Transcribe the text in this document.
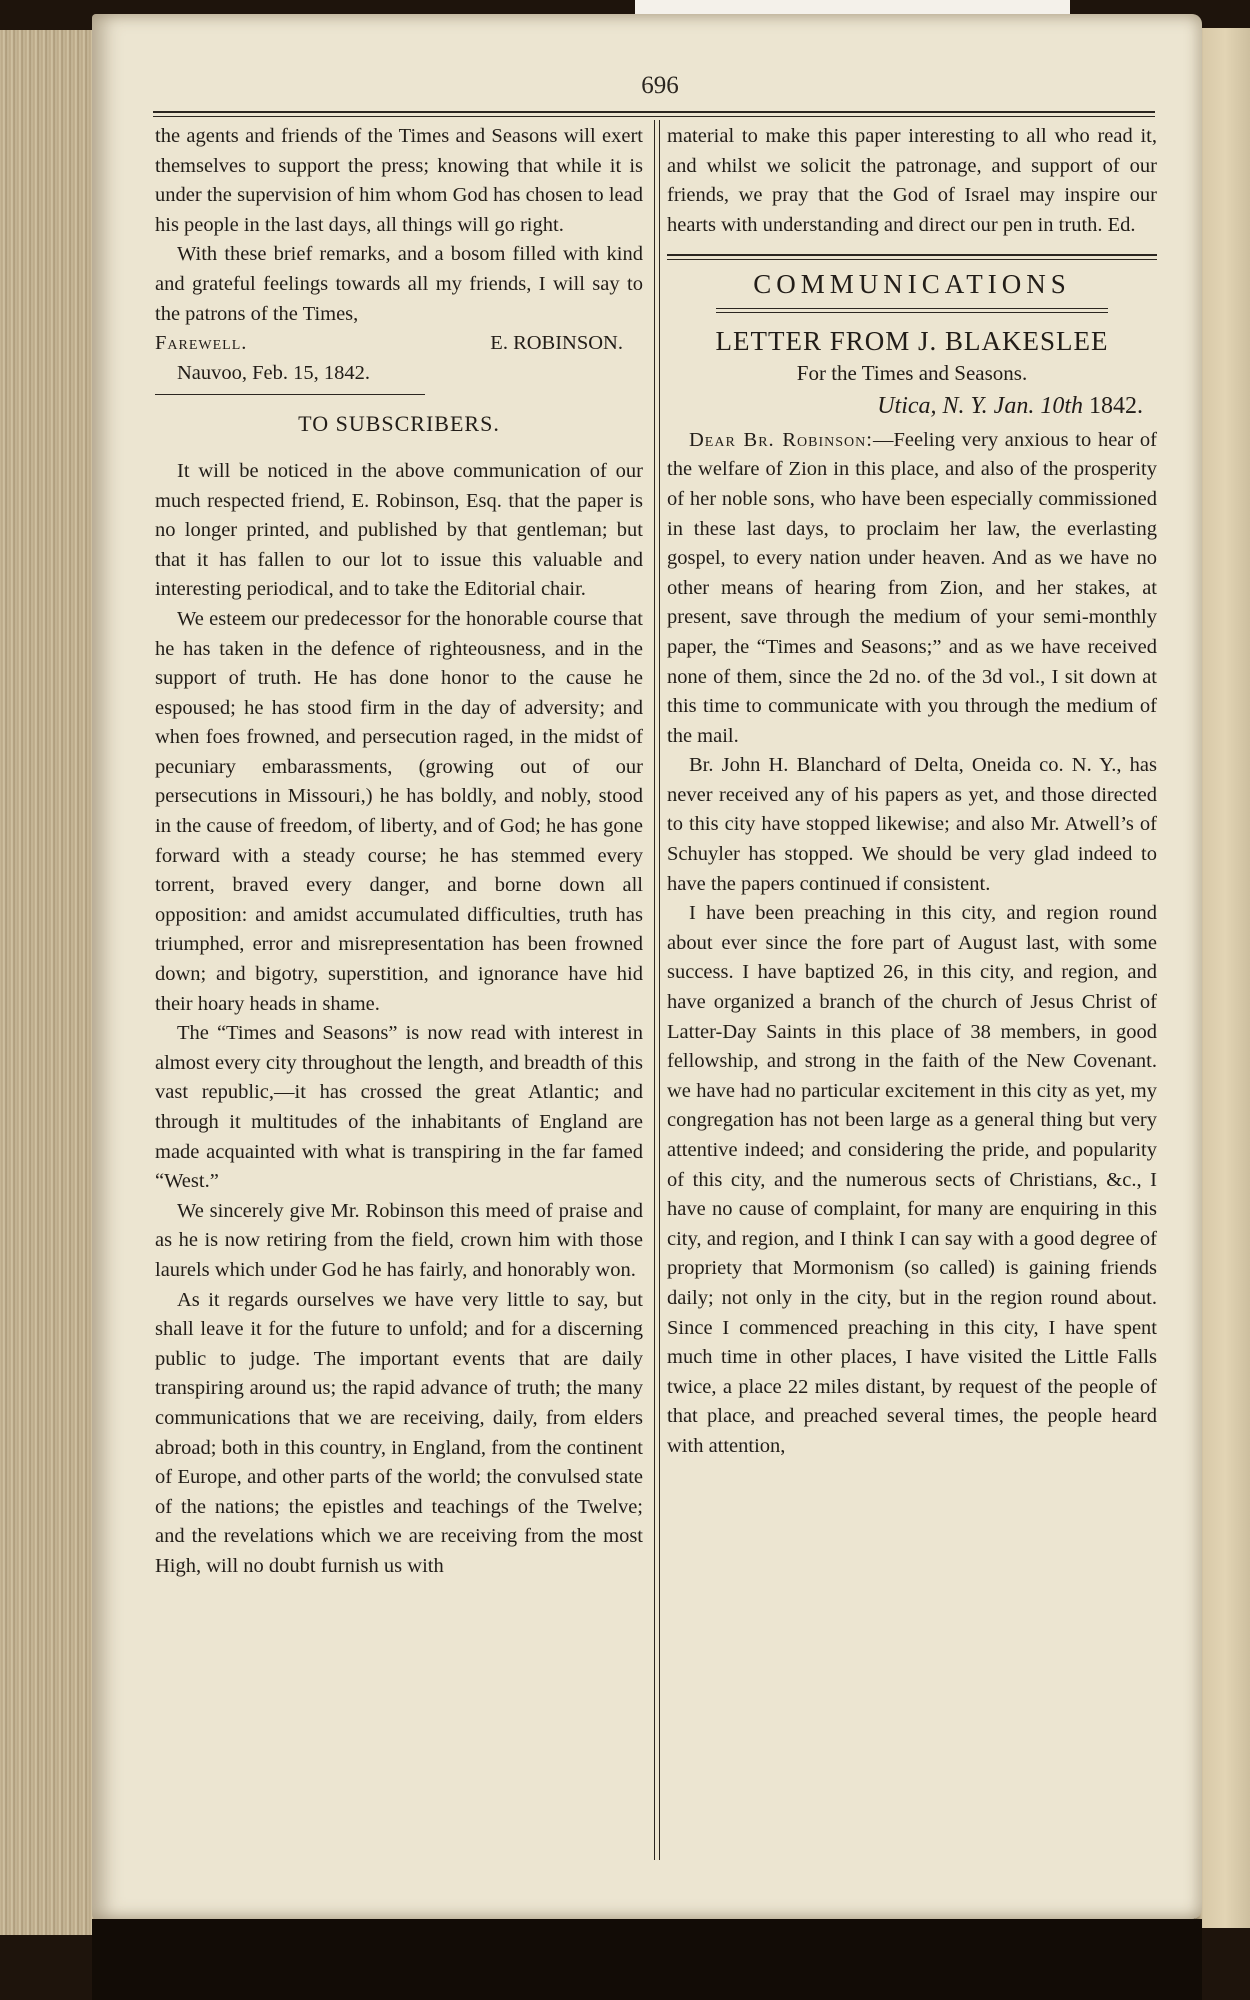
696

the agents and friends of the Times and Seasons will exert themselves to support the press; knowing that while it is under the supervision of him whom God has chosen to lead his people in the last days, all things will go right.

With these brief remarks, and a bosom filled with kind and grateful feelings towards all my friends, I will say to the patrons of the Times,

Farewell.	E. ROBINSON.

Nauvoo, Feb. 15, 1842.

TO SUBSCRIBERS.

It will be noticed in the above communication of our much respected friend, E. Robinson, Esq. that the paper is no longer printed, and published by that gentleman; but that it has fallen to our lot to issue this valuable and interesting periodical, and to take the Editorial chair.

We esteem our predecessor for the honorable course that he has taken in the defence of righteousness, and in the support of truth. He has done honor to the cause he espoused; he has stood firm in the day of adversity; and when foes frowned, and persecution raged, in the midst of pecuniary embarassments, (growing out of our persecutions in Missouri,) he has boldly, and nobly, stood in the cause of freedom, of liberty, and of God; he has gone forward with a steady course; he has stemmed every torrent, braved every danger, and borne down all opposition: and amidst accumulated difficulties, truth has triumphed, error and misrepresentation has been frowned down; and bigotry, superstition, and ignorance have hid their hoary heads in shame.

The “Times and Seasons” is now read with interest in almost every city throughout the length, and breadth of this vast republic,—it has crossed the great Atlantic; and through it multitudes of the inhabitants of England are made acquainted with what is transpiring in the far famed “West.”

We sincerely give Mr. Robinson this meed of praise and as he is now retiring from the field, crown him with those laurels which under God he has fairly, and honorably won.

As it regards ourselves we have very little to say, but shall leave it for the future to unfold; and for a discerning public to judge. The important events that are daily transpiring around us; the rapid advance of truth; the many communications that we are receiving, daily, from elders abroad; both in this country, in England, from the continent of Europe, and other parts of the world; the convulsed state of the nations; the epistles and teachings of the Twelve; and the revelations which we are receiving from the most High, will no doubt furnish us with

material to make this paper interesting to all who read it, and whilst we solicit the patronage, and support of our friends, we pray that the God of Israel may inspire our hearts with understanding and direct our pen in truth. Ed.

COMMUNICATIONS
LETTER FROM J. BLAKESLEE
For the Times and Seasons.
Utica, N. Y. Jan. 10th 1842.

Dear Br. Robinson:—Feeling very anxious to hear of the welfare of Zion in this place, and also of the prosperity of her noble sons, who have been especially commissioned in these last days, to proclaim her law, the everlasting gospel, to every nation under heaven. And as we have no other means of hearing from Zion, and her stakes, at present, save through the medium of your semi-monthly paper, the “Times and Seasons;” and as we have received none of them, since the 2d no. of the 3d vol., I sit down at this time to communicate with you through the medium of the mail.

Br. John H. Blanchard of Delta, Oneida co. N. Y., has never received any of his papers as yet, and those directed to this city have stopped likewise; and also Mr. Atwell’s of Schuyler has stopped. We should be very glad indeed to have the papers continued if consistent.

I have been preaching in this city, and region round about ever since the fore part of August last, with some success. I have baptized 26, in this city, and region, and have organized a branch of the church of Jesus Christ of Latter-Day Saints in this place of 38 members, in good fellowship, and strong in the faith of the New Covenant. we have had no particular excitement in this city as yet, my congregation has not been large as a general thing but very attentive indeed; and considering the pride, and popularity of this city, and the numerous sects of Christians, &c., I have no cause of complaint, for many are enquiring in this city, and region, and I think I can say with a good degree of propriety that Mormonism (so called) is gaining friends daily; not only in the city, but in the region round about. Since I commenced preaching in this city, I have spent much time in other places, I have visited the Little Falls twice, a place 22 miles distant, by request of the people of that place, and preached several times, the people heard with attention,
